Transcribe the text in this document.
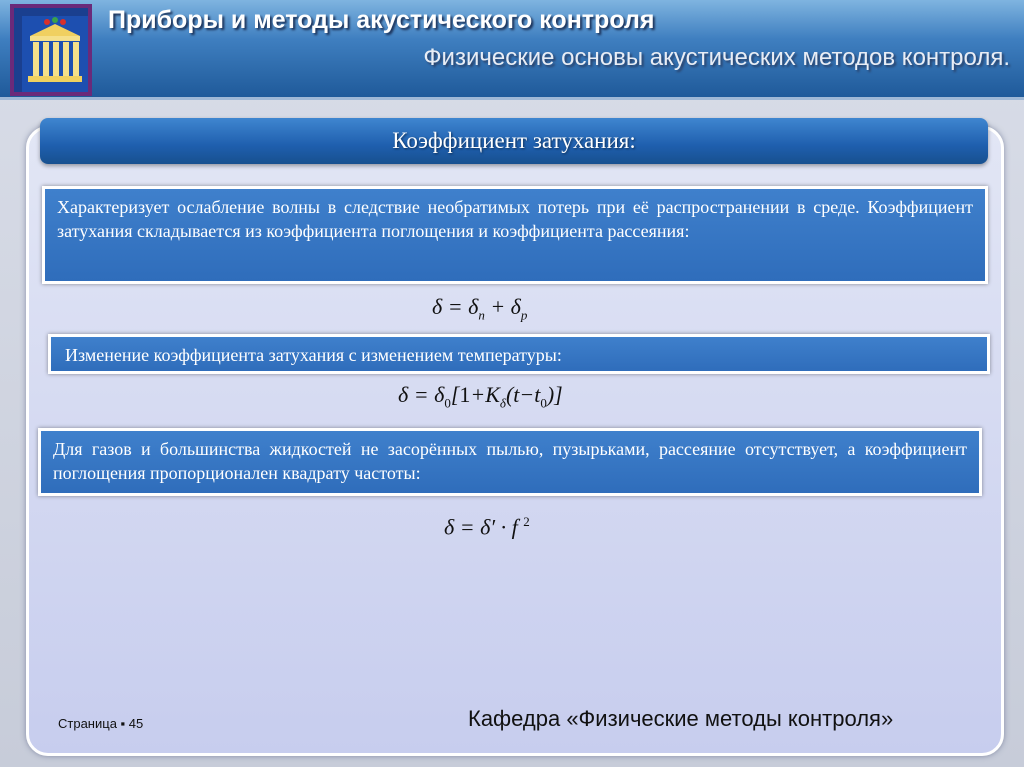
Приборы и методы акустического контроля
Физические основы акустических методов контроля.
Коэффициент затухания:
Характеризует ослабление волны в следствие необратимых потерь при её распространении в среде. Коэффициент затухания складывается из коэффициента поглощения и коэффициента рассеяния:
$\delta = \delta_п + \delta_р$
Изменение коэффициента затухания с изменением температуры:
$\delta = \delta_0[1+K_\delta(t-t_0)]$
Для газов и большинства жидкостей не засорённых пылью, пузырьками, рассеяние отсутствует, а коэффициент поглощения пропорционален квадрату частоты:
δ = δ′ · f $^2$
Страница ▪ 45	Кафедра «Физические методы контроля»
